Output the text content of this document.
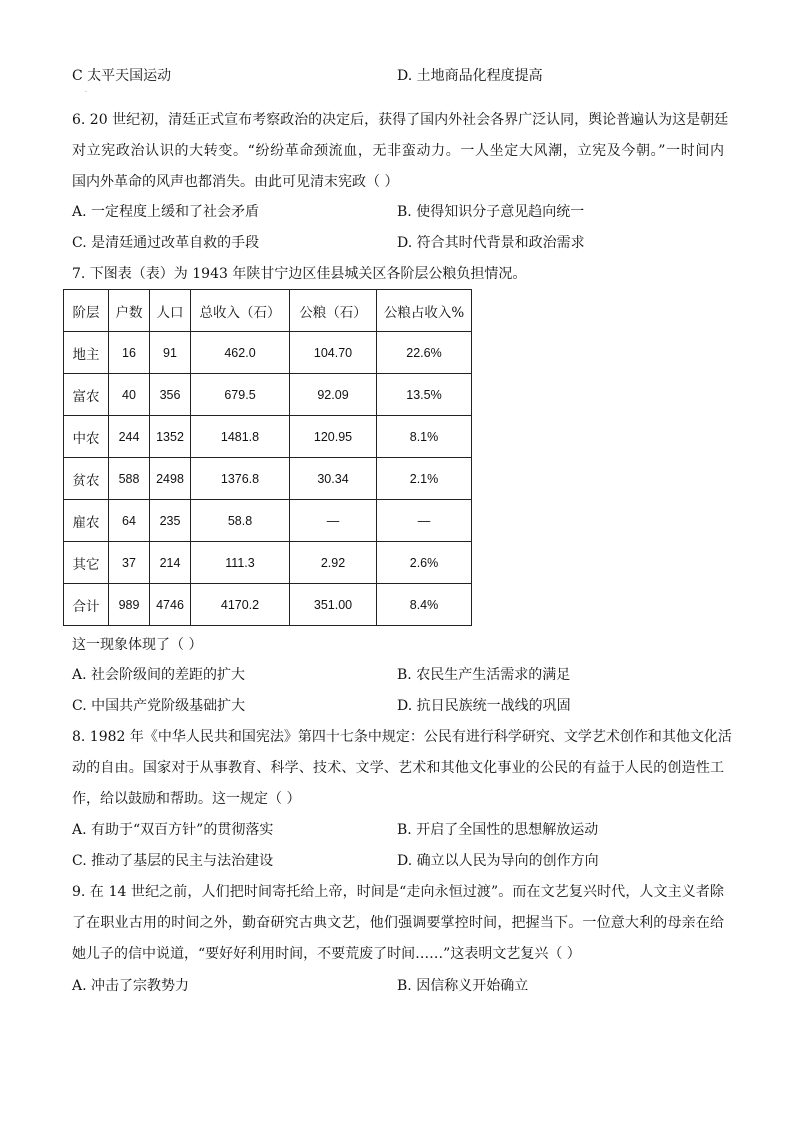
C 太平天国运动	D. 土地商品化程度提高
·
6. 20 世纪初，清廷正式宣布考察政治的决定后，获得了国内外社会各界广泛认同，舆论普遍认为这是朝廷
对立宪政治认识的大转变。“纷纷革命颈流血，无非蛮动力。一人坐定大风潮，立宪及今朝。”一时间内
国内外革命的风声也都消失。由此可见清末宪政（ ）
A. 一定程度上缓和了社会矛盾	B. 使得知识分子意见趋向统一
C. 是清廷通过改革自救的手段	D. 符合其时代背景和政治需求
7. 下图表（表）为 1943 年陕甘宁边区佳县城关区各阶层公粮负担情况。
阶层	户数	人口	总收入（石）	公粮（石）	公粮占收入%
地主	16	91	462.0	104.70	22.6%
富农	40	356	679.5	92.09	13.5%
中农	244	1352	1481.8	120.95	8.1%
贫农	588	2498	1376.8	30.34	2.1%
雇农	64	235	58.8	—	—
其它	37	214	111.3	2.92	2.6%
合计	989	4746	4170.2	351.00	8.4%
这一现象体现了（ ）
A. 社会阶级间的差距的扩大	B. 农民生产生活需求的满足
C. 中国共产党阶级基础扩大	D. 抗日民族统一战线的巩固
8. 1982 年《中华人民共和国宪法》第四十七条中规定：公民有进行科学研究、文学艺术创作和其他文化活
动的自由。国家对于从事教育、科学、技术、文学、艺术和其他文化事业的公民的有益于人民的创造性工
作，给以鼓励和帮助。这一规定（ ）
A. 有助于“双百方针”的贯彻落实	B. 开启了全国性的思想解放运动
C. 推动了基层的民主与法治建设	D. 确立以人民为导向的创作方向
9. 在 14 世纪之前，人们把时间寄托给上帝，时间是“走向永恒过渡”。而在文艺复兴时代，人文主义者除
了在职业古用的时间之外，勤奋研究古典文艺，他们强调要掌控时间，把握当下。一位意大利的母亲在给
她儿子的信中说道，“要好好利用时间，不要荒废了时间……”这表明文艺复兴（ ）
A. 冲击了宗教势力	B. 因信称义开始确立
